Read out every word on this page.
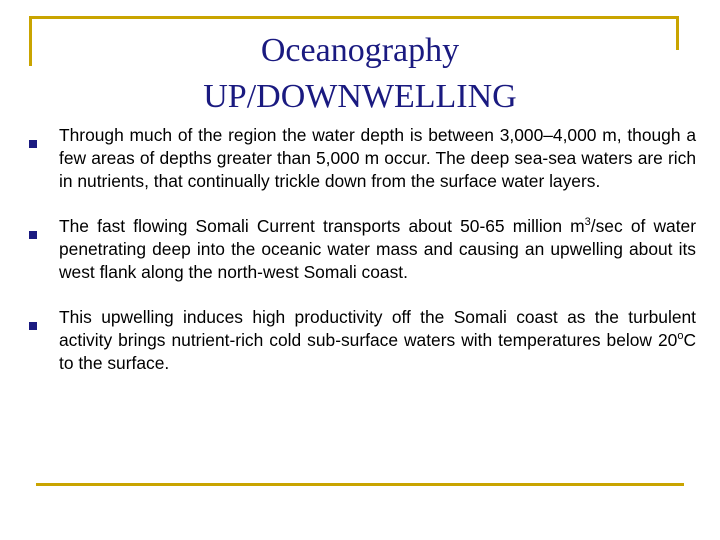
Oceanography
UP/DOWNWELLING
Through much of the region the water depth is between 3,000–4,000 m, though a few areas of depths greater than 5,000 m occur. The deep sea-sea waters are rich in nutrients, that continually trickle down from the surface water layers.
The fast flowing Somali Current transports about 50-65 million $m^3/\sec$ of water penetrating deep into the oceanic water mass and causing an upwelling about its west flank along the north-west Somali coast.
This upwelling induces high productivity off the Somali coast as the turbulent activity brings nutrient-rich cold sub-surface waters with temperatures below 20$^o$C to the surface.
